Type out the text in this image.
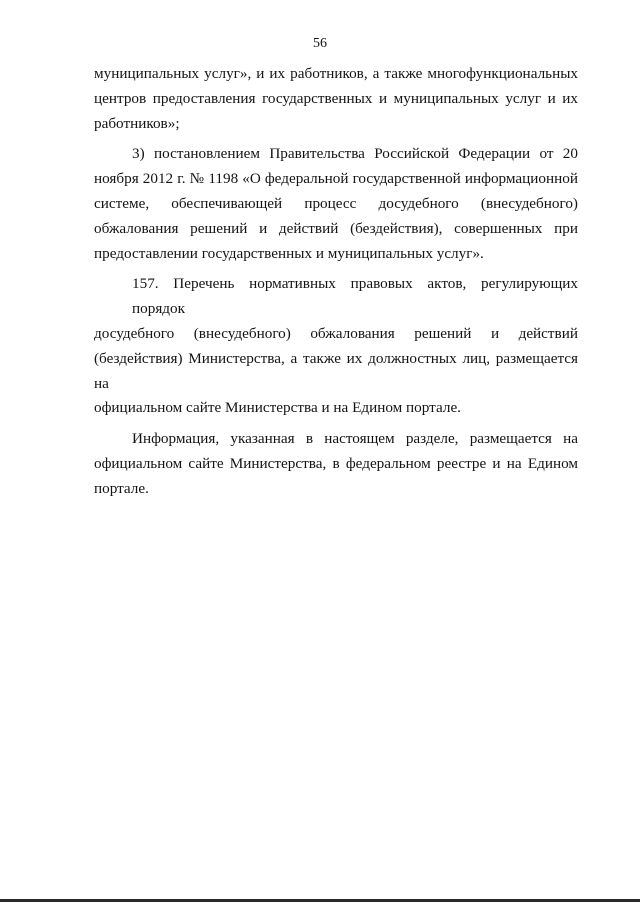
56
муниципальных услуг», и их работников, а также многофункциональных
центров предоставления государственных и муниципальных услуг и их
работников»;
3) постановлением Правительства Российской Федерации от 20
ноября 2012 г. № 1198 «О федеральной государственной информационной
системе, обеспечивающей процесс досудебного (внесудебного)
обжалования решений и действий (бездействия), совершенных при
предоставлении государственных и муниципальных услуг».
157. Перечень нормативных правовых актов, регулирующих порядок
досудебного (внесудебного) обжалования решений и действий
(бездействия) Министерства, а также их должностных лиц, размещается на
официальном сайте Министерства и на Едином портале.
Информация, указанная в настоящем разделе, размещается на
официальном сайте Министерства, в федеральном реестре и на Едином
портале.
